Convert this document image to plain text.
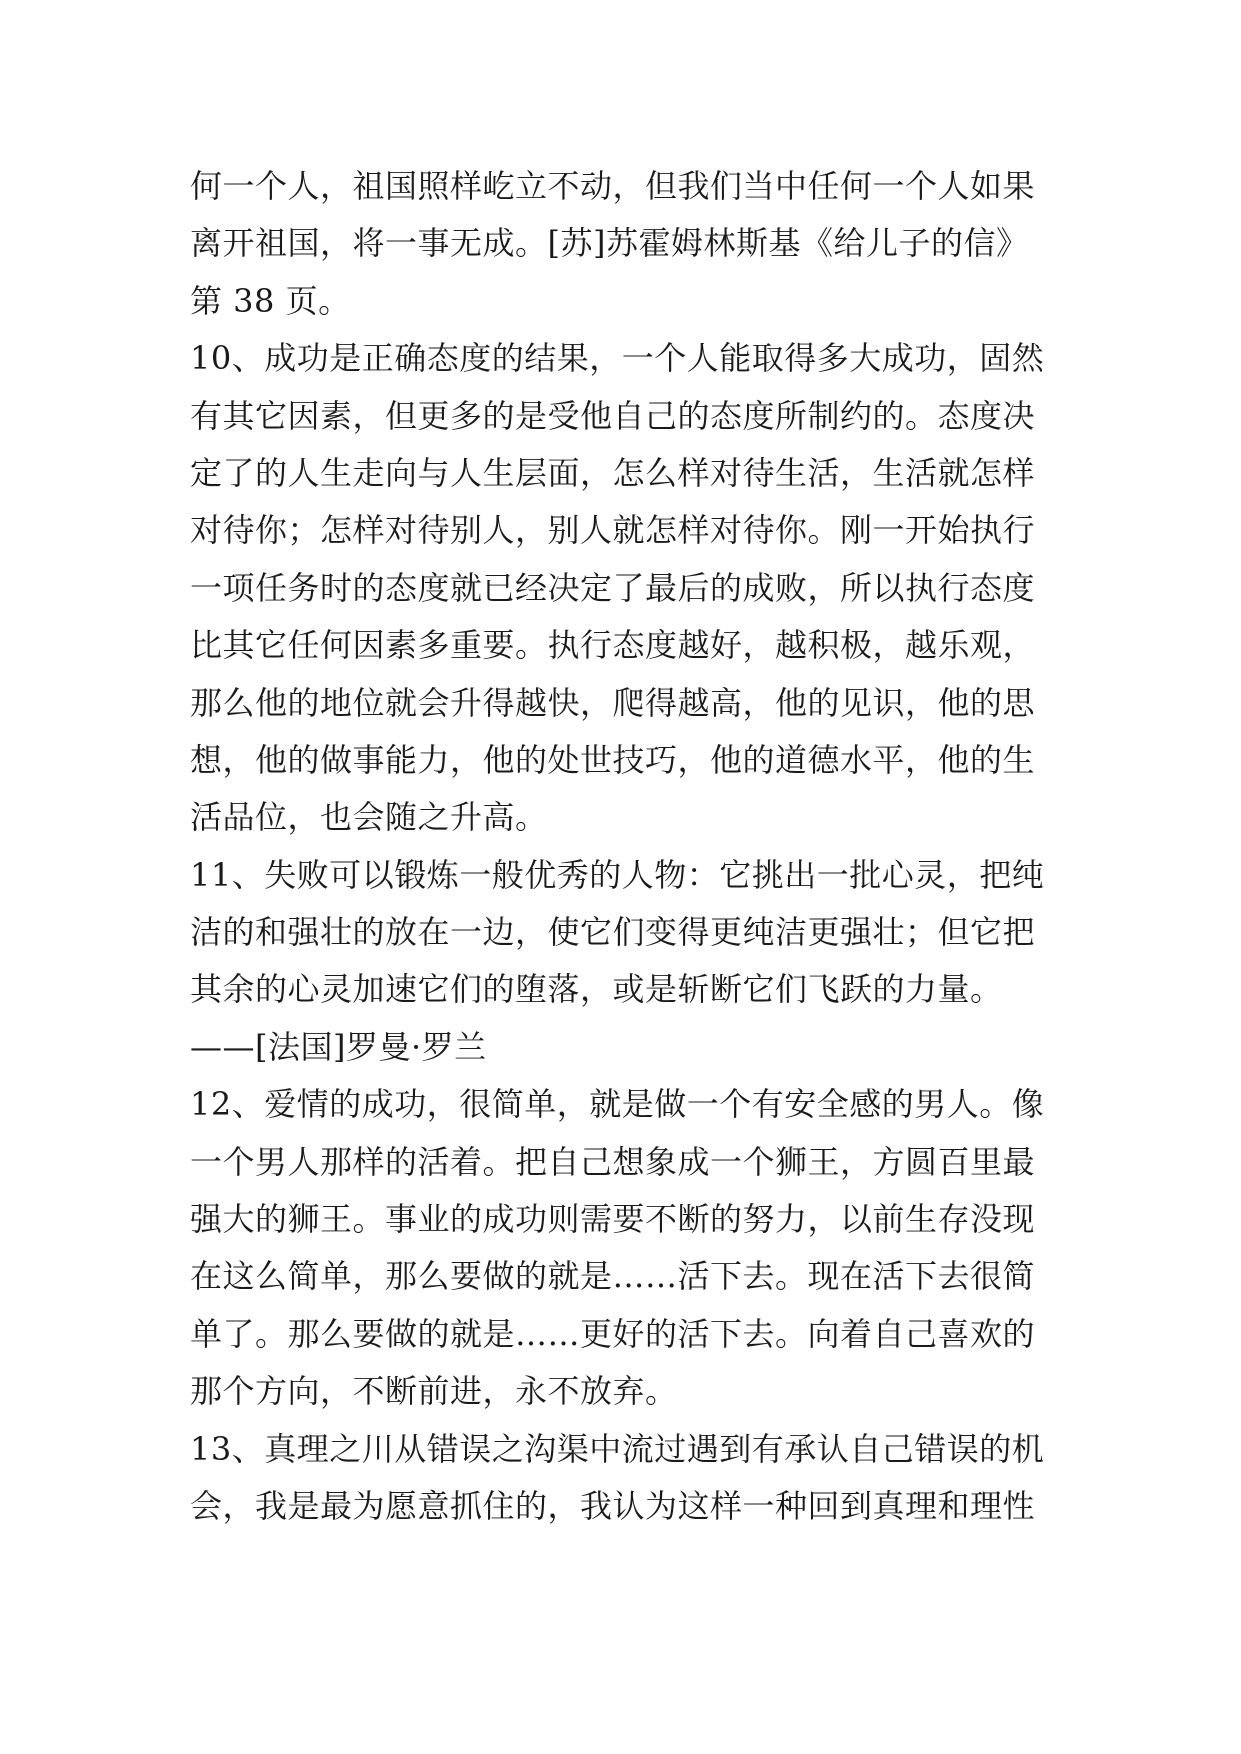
何一个人，祖国照样屹立不动，但我们当中任何一个人如果
离开祖国，将一事无成。[苏]苏霍姆林斯基《给儿子的信》
第 38 页。
10、成功是正确态度的结果，一个人能取得多大成功，固然
有其它因素，但更多的是受他自己的态度所制约的。态度决
定了的人生走向与人生层面，怎么样对待生活，生活就怎样
对待你；怎样对待别人，别人就怎样对待你。刚一开始执行
一项任务时的态度就已经决定了最后的成败，所以执行态度
比其它任何因素多重要。执行态度越好，越积极，越乐观，
那么他的地位就会升得越快，爬得越高，他的见识，他的思
想，他的做事能力，他的处世技巧，他的道德水平，他的生
活品位，也会随之升高。
11、失败可以锻炼一般优秀的人物：它挑出一批心灵，把纯
洁的和强壮的放在一边，使它们变得更纯洁更强壮；但它把
其余的心灵加速它们的堕落，或是斩断它们飞跃的力量。
——[法国]罗曼·罗兰
12、爱情的成功，很简单，就是做一个有安全感的男人。像
一个男人那样的活着。把自己想象成一个狮王，方圆百里最
强大的狮王。事业的成功则需要不断的努力，以前生存没现
在这么简单，那么要做的就是……活下去。现在活下去很简
单了。那么要做的就是……更好的活下去。向着自己喜欢的
那个方向，不断前进，永不放弃。
13、真理之川从错误之沟渠中流过遇到有承认自己错误的机
会，我是最为愿意抓住的，我认为这样一种回到真理和理性
